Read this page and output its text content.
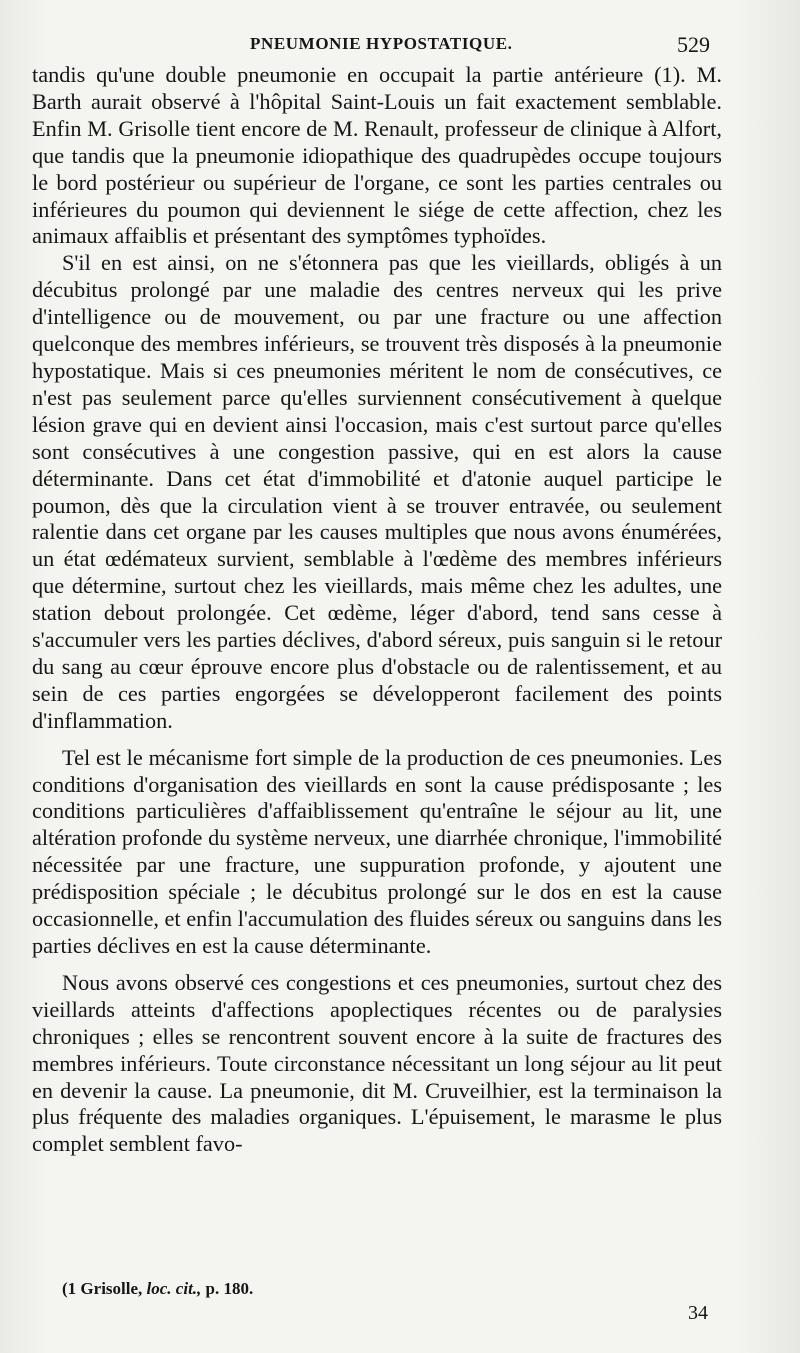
PNEUMONIE HYPOSTATIQUE.	529

tandis qu'une double pneumonie en occupait la partie antérieure (1). M. Barth aurait observé à l'hôpital Saint-Louis un fait exactement semblable. Enfin M. Grisolle tient encore de M. Renault, professeur de clinique à Alfort, que tandis que la pneumonie idiopathique des quadrupèdes occupe toujours le bord postérieur ou supérieur de l'organe, ce sont les parties centrales ou inférieures du poumon qui deviennent le siége de cette affection, chez les animaux affaiblis et présentant des symptômes typhoïdes.

S'il en est ainsi, on ne s'étonnera pas que les vieillards, obligés à un décubitus prolongé par une maladie des centres nerveux qui les prive d'intelligence ou de mouvement, ou par une fracture ou une affection quelconque des membres inférieurs, se trouvent très disposés à la pneumonie hypostatique. Mais si ces pneumonies méritent le nom de consécutives, ce n'est pas seulement parce qu'elles surviennent consécutivement à quelque lésion grave qui en devient ainsi l'occasion, mais c'est surtout parce qu'elles sont consécutives à une congestion passive, qui en est alors la cause déterminante. Dans cet état d'immobilité et d'atonie auquel participe le poumon, dès que la circulation vient à se trouver entravée, ou seulement ralentie dans cet organe par les causes multiples que nous avons énumérées, un état œdémateux survient, semblable à l'œdème des membres inférieurs que détermine, surtout chez les vieillards, mais même chez les adultes, une station debout prolongée. Cet œdème, léger d'abord, tend sans cesse à s'accumuler vers les parties déclives, d'abord séreux, puis sanguin si le retour du sang au cœur éprouve encore plus d'obstacle ou de ralentissement, et au sein de ces parties engorgées se développeront facilement des points d'inflammation.

Tel est le mécanisme fort simple de la production de ces pneumonies. Les conditions d'organisation des vieillards en sont la cause prédisposante ; les conditions particulières d'affaiblissement qu'entraîne le séjour au lit, une altération profonde du système nerveux, une diarrhée chronique, l'immobilité nécessitée par une fracture, une suppuration profonde, y ajoutent une prédisposition spéciale ; le décubitus prolongé sur le dos en est la cause occasionnelle, et enfin l'accumulation des fluides séreux ou sanguins dans les parties déclives en est la cause déterminante.

Nous avons observé ces congestions et ces pneumonies, surtout chez des vieillards atteints d'affections apoplectiques récentes ou de paralysies chroniques ; elles se rencontrent souvent encore à la suite de fractures des membres inférieurs. Toute circonstance nécessitant un long séjour au lit peut en devenir la cause. La pneumonie, dit M. Cruveilhier, est la terminaison la plus fréquente des maladies organiques. L'épuisement, le marasme le plus complet semblent favo-

(1 Grisolle, loc. cit., p. 180.
34
